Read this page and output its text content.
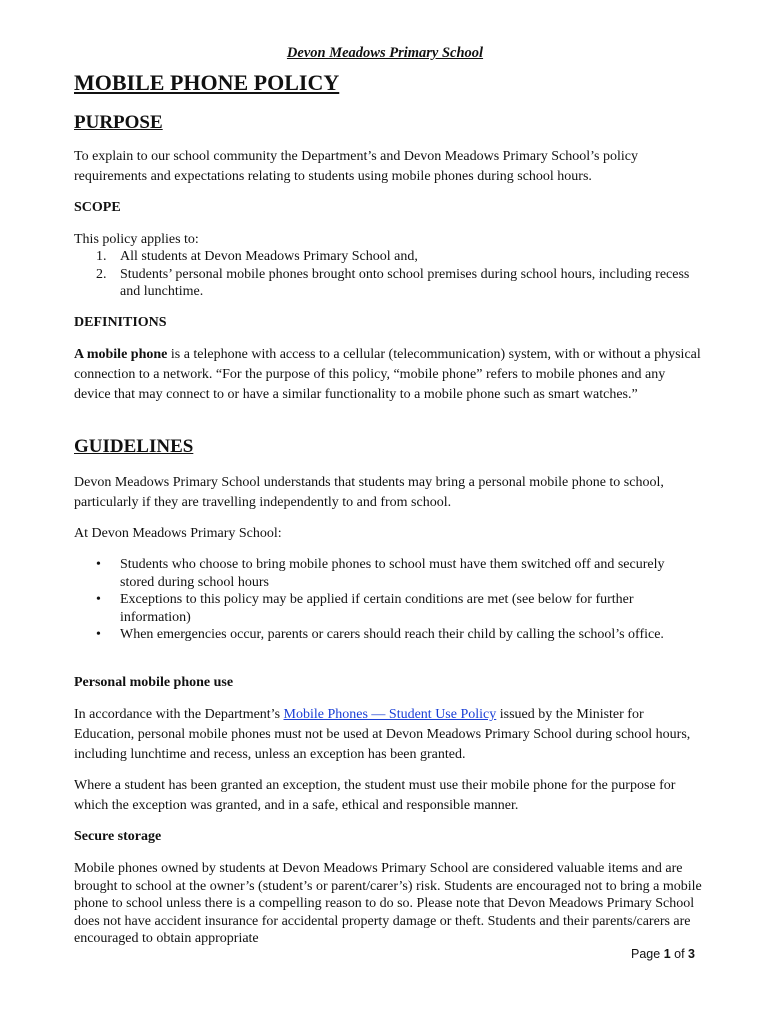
Devon Meadows Primary School
MOBILE PHONE POLICY
PURPOSE

To explain to our school community the Department’s and Devon Meadows Primary School’s policy requirements and expectations relating to students using mobile phones during school hours.

SCOPE

This policy applies to:

1. All students at Devon Meadows Primary School and,
2. Students’ personal mobile phones brought onto school premises during school hours, including recess and lunchtime.
DEFINITIONS

A mobile phone is a telephone with access to a cellular (telecommunication) system, with or without a physical connection to a network. “For the purpose of this policy, “mobile phone” refers to mobile phones and any device that may connect to or have a similar functionality to a mobile phone such as smart watches.”

GUIDELINES

Devon Meadows Primary School understands that students may bring a personal mobile phone to school, particularly if they are travelling independently to and from school.

At Devon Meadows Primary School:

• Students who choose to bring mobile phones to school must have them switched off and securely stored during school hours
• Exceptions to this policy may be applied if certain conditions are met (see below for further information)
• When emergencies occur, parents or carers should reach their child by calling the school’s office.
Personal mobile phone use

In accordance with the Department’s Mobile Phones — Student Use Policy issued by the Minister for Education, personal mobile phones must not be used at Devon Meadows Primary School during school hours, including lunchtime and recess, unless an exception has been granted.

Where a student has been granted an exception, the student must use their mobile phone for the purpose for which the exception was granted, and in a safe, ethical and responsible manner.

Secure storage

Mobile phones owned by students at Devon Meadows Primary School are considered valuable items and are brought to school at the owner’s (student’s or parent/carer’s) risk. Students are encouraged not to bring a mobile phone to school unless there is a compelling reason to do so. Please note that Devon Meadows Primary School does not have accident insurance for accidental property damage or theft. Students and their parents/carers are encouraged to obtain appropriate

Page 1 of 3
